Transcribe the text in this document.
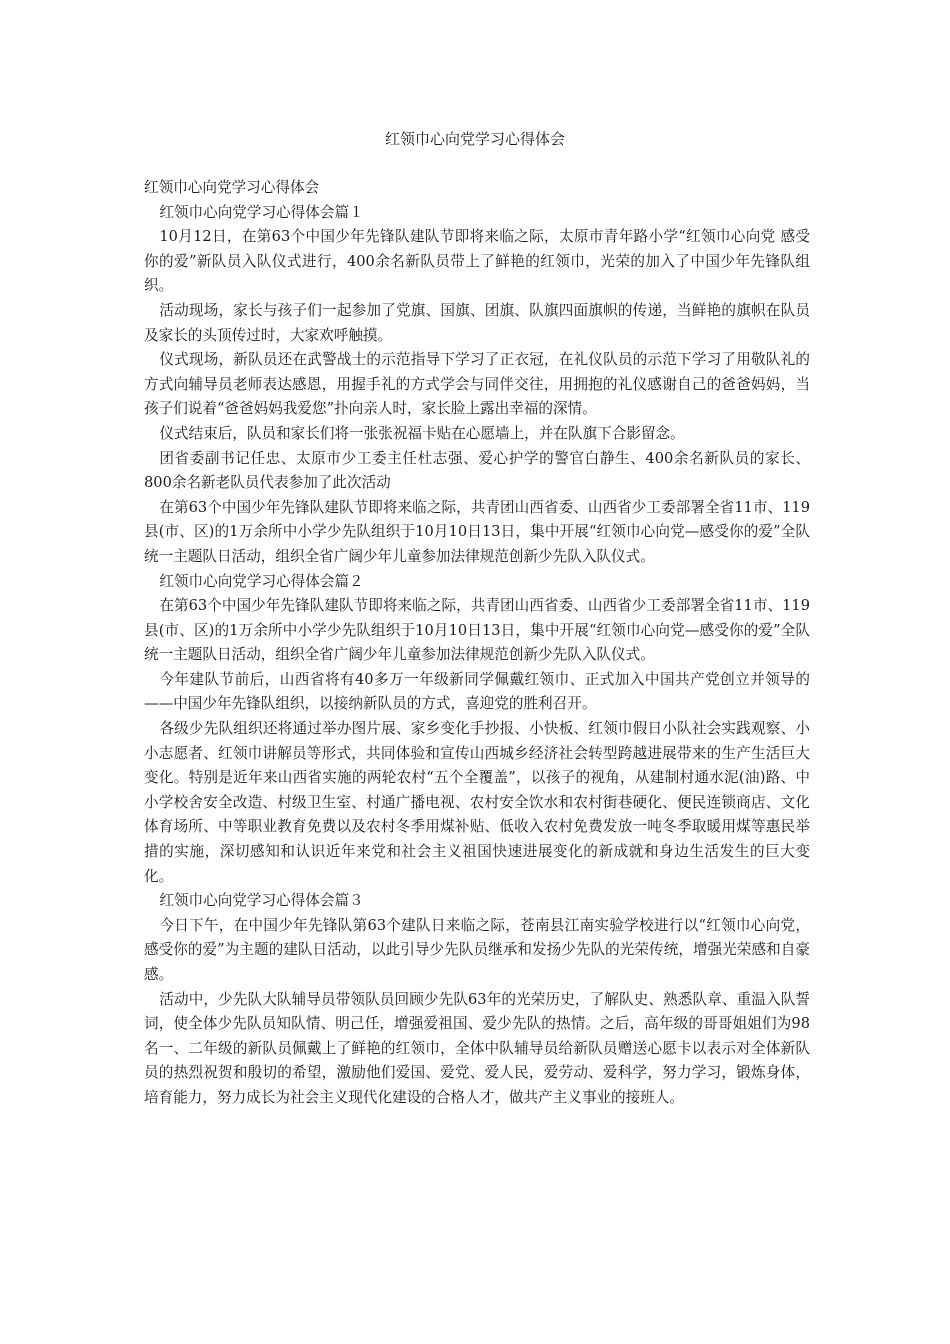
红领巾心向党学习心得体会

红领巾心向党学习心得体会

红领巾心向党学习心得体会篇１

10月12日，在第63个中国少年先锋队建队节即将来临之际，太原市青年路小学“红领巾心向党 感受你的爱”新队员入队仪式进行，400余名新队员带上了鲜艳的红领巾，光荣的加入了中国少年先锋队组织。

活动现场，家长与孩子们一起参加了党旗、国旗、团旗、队旗四面旗帜的传递，当鲜艳的旗帜在队员及家长的头顶传过时，大家欢呼触摸。

仪式现场，新队员还在武警战士的示范指导下学习了正衣冠，在礼仪队员的示范下学习了用敬队礼的方式向辅导员老师表达感恩，用握手礼的方式学会与同伴交往，用拥抱的礼仪感谢自己的爸爸妈妈，当孩子们说着“爸爸妈妈我爱您”扑向亲人时，家长脸上露出幸福的深情。

仪式结束后，队员和家长们将一张张祝福卡贴在心愿墙上，并在队旗下合影留念。

团省委副书记任忠、太原市少工委主任杜志强、爱心护学的警官白静生、400余名新队员的家长、800余名新老队员代表参加了此次活动

在第63个中国少年先锋队建队节即将来临之际，共青团山西省委、山西省少工委部署全省11市、119县(市、区)的1万余所中小学少先队组织于10月10日13日，集中开展“红领巾心向党—感受你的爱”全队统一主题队日活动，组织全省广阔少年儿童参加法律规范创新少先队入队仪式。

红领巾心向党学习心得体会篇２

在第63个中国少年先锋队建队节即将来临之际，共青团山西省委、山西省少工委部署全省11市、119县(市、区)的1万余所中小学少先队组织于10月10日13日，集中开展“红领巾心向党—感受你的爱”全队统一主题队日活动，组织全省广阔少年儿童参加法律规范创新少先队入队仪式。

今年建队节前后，山西省将有40多万一年级新同学佩戴红领巾、正式加入中国共产党创立并领导的——中国少年先锋队组织，以接纳新队员的方式，喜迎党的胜利召开。

各级少先队组织还将通过举办图片展、家乡变化手抄报、小快板、红领巾假日小队社会实践观察、小小志愿者、红领巾讲解员等形式，共同体验和宣传山西城乡经济社会转型跨越进展带来的生产生活巨大变化。特别是近年来山西省实施的两轮农村“五个全覆盖”，以孩子的视角，从建制村通水泥(油)路、中小学校舍安全改造、村级卫生室、村通广播电视、农村安全饮水和农村街巷硬化、便民连锁商店、文化体育场所、中等职业教育免费以及农村冬季用煤补贴、低收入农村免费发放一吨冬季取暖用煤等惠民举措的实施，深切感知和认识近年来党和社会主义祖国快速进展变化的新成就和身边生活发生的巨大变化。

红领巾心向党学习心得体会篇３

今日下午，在中国少年先锋队第63个建队日来临之际，苍南县江南实验学校进行以“红领巾心向党，感受你的爱”为主题的建队日活动，以此引导少先队员继承和发扬少先队的光荣传统，增强光荣感和自豪感。

活动中，少先队大队辅导员带领队员回顾少先队63年的光荣历史，了解队史、熟悉队章、重温入队誓词，使全体少先队员知队情、明己任，增强爱祖国、爱少先队的热情。之后，高年级的哥哥姐姐们为98名一、二年级的新队员佩戴上了鲜艳的红领巾，全体中队辅导员给新队员赠送心愿卡以表示对全体新队员的热烈祝贺和殷切的希望，激励他们爱国、爱党、爱人民，爱劳动、爱科学，努力学习，锻炼身体，培育能力，努力成长为社会主义现代化建设的合格人才，做共产主义事业的接班人。
